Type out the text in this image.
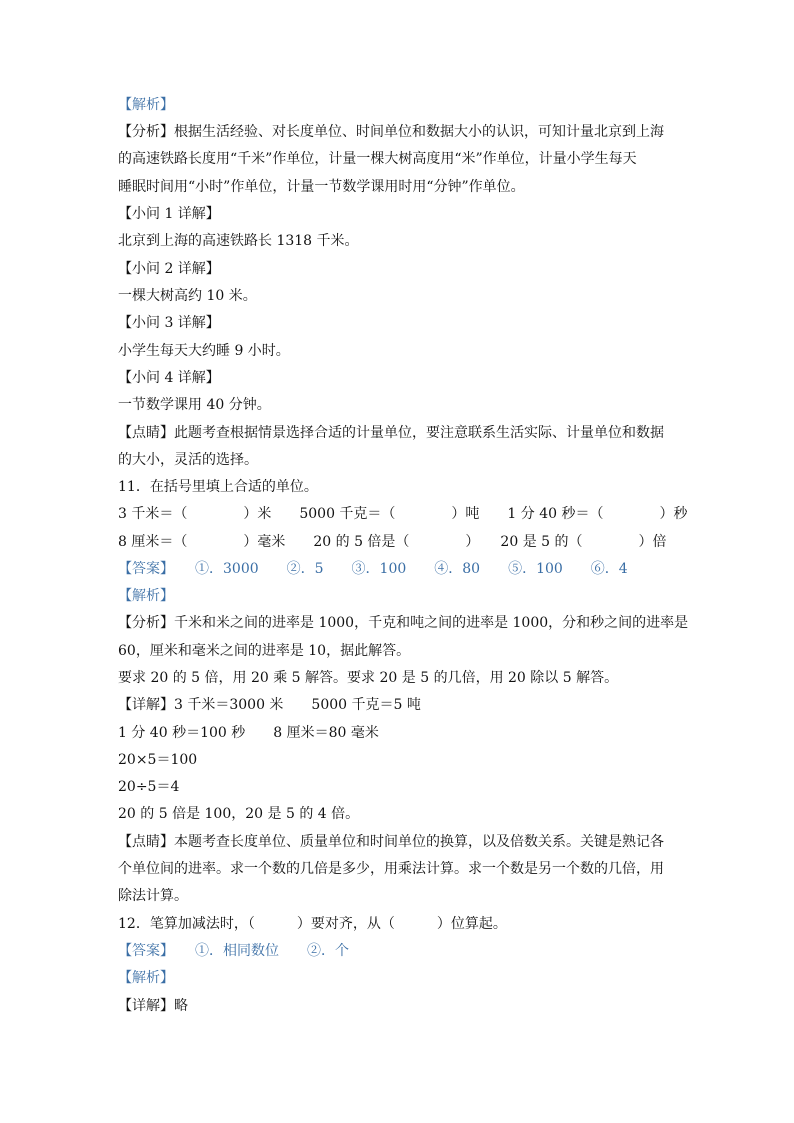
【解析】
【分析】根据生活经验、对长度单位、时间单位和数据大小的认识，可知计量北京到上海
的高速铁路长度用“千米”作单位，计量一棵大树高度用“米”作单位，计量小学生每天
睡眠时间用“小时”作单位，计量一节数学课用时用“分钟”作单位。
【小问 1 详解】
北京到上海的高速铁路长 1318 千米。
【小问 2 详解】
一棵大树高约 10 米。
【小问 3 详解】
小学生每天大约睡 9 小时。
【小问 4 详解】
一节数学课用 40 分钟。
【点睛】此题考查根据情景选择合适的计量单位，要注意联系生活实际、计量单位和数据
的大小，灵活的选择。
11．在括号里填上合适的单位。
3 千米＝（　　　　）米　　5000 千克＝（　　　　）吨　　1 分 40 秒＝（　　　　）秒
8 厘米＝（　　　　）毫米　　20 的 5 倍是（　　　　）　　20 是 5 的（　　　　）倍
【答案】　　①．3000　　②．5　　③．100　　④．80　　⑤．100　　⑥．4
【解析】
【分析】千米和米之间的进率是 1000，千克和吨之间的进率是 1000，分和秒之间的进率是
60，厘米和毫米之间的进率是 10，据此解答。
要求 20 的 5 倍，用 20 乘 5 解答。要求 20 是 5 的几倍，用 20 除以 5 解答。
【详解】3 千米＝3000 米　　5000 千克＝5 吨
1 分 40 秒＝100 秒　　8 厘米＝80 毫米
20×5＝100
20÷5＝4
20 的 5 倍是 100，20 是 5 的 4 倍。
【点睛】本题考查长度单位、质量单位和时间单位的换算，以及倍数关系。关键是熟记各
个单位间的进率。求一个数的几倍是多少，用乘法计算。求一个数是另一个数的几倍，用
除法计算。
12．笔算加减法时，（　　　）要对齐，从（　　　）位算起。
【答案】　　①．相同数位　　②．个
【解析】
【详解】略
